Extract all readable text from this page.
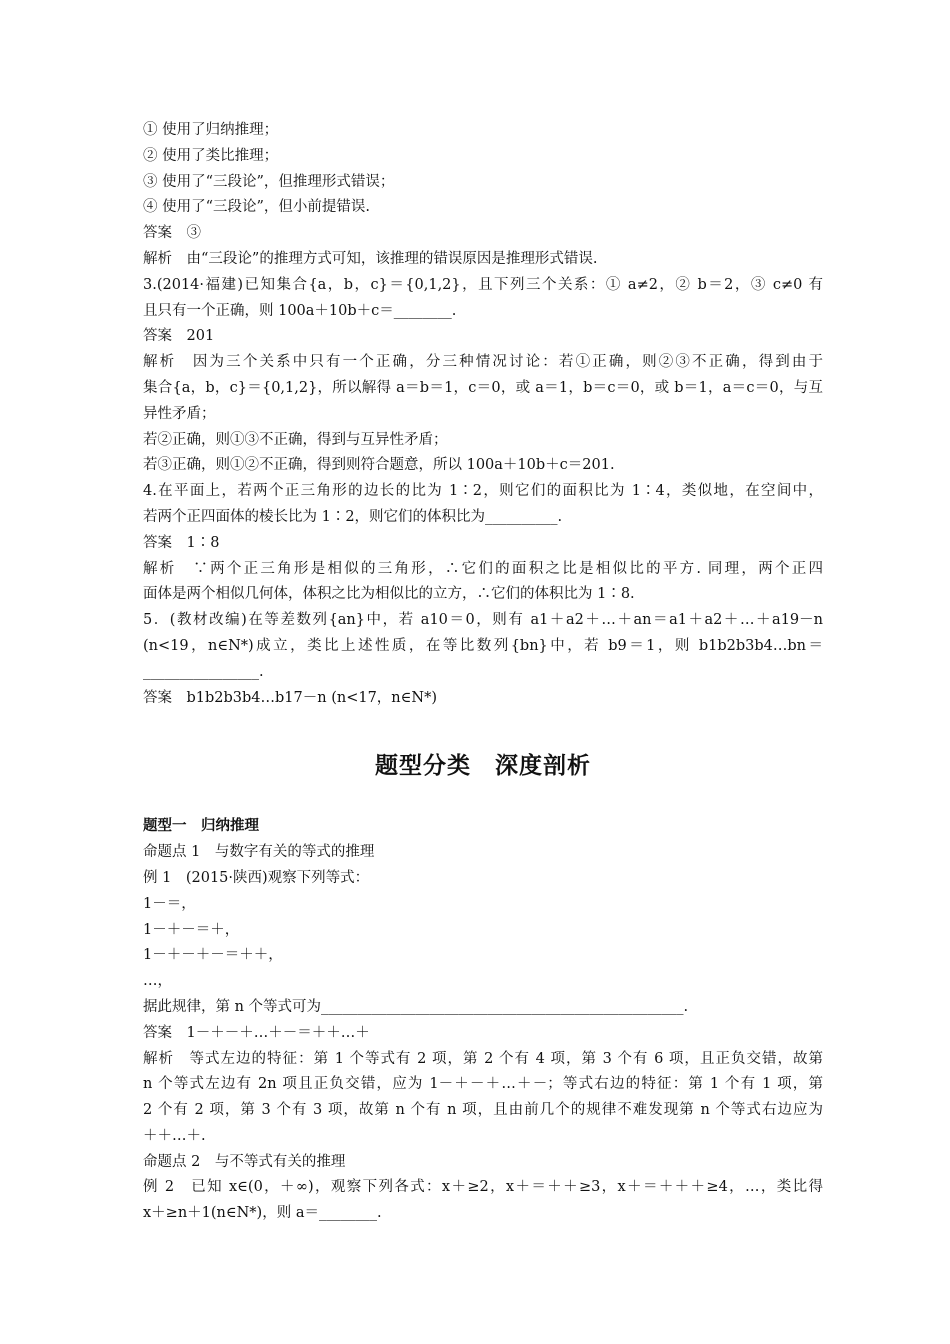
① 使用了归纳推理；
② 使用了类比推理；
③ 使用了“三段论”，但推理形式错误；
④ 使用了“三段论”，但小前提错误.
答案　③
解析　由“三段论”的推理方式可知，该推理的错误原因是推理形式错误.
3.(2014·福建)已知集合{a，b，c}＝{0,1,2}，且下列三个关系：① a≠2，② b＝2，③ c≠0 有
且只有一个正确，则 100a＋10b＋c＝________.
答案　201
解析　因为三个关系中只有一个正确，分三种情况讨论：若①正确，则②③不正确，得到由于
集合{a，b，c}＝{0,1,2}，所以解得 a＝b＝1，c＝0，或 a＝1，b＝c＝0，或 b＝1，a＝c＝0，与互
异性矛盾；
若②正确，则①③不正确，得到与互异性矛盾；
若③正确，则①②不正确，得到则符合题意，所以 100a＋10b＋c＝201.
4.在平面上，若两个正三角形的边长的比为 1∶2，则它们的面积比为 1∶4，类似地，在空间中，
若两个正四面体的棱长比为 1∶2，则它们的体积比为__________.
答案　1∶8
解析　∵两个正三角形是相似的三角形，∴它们的面积之比是相似比的平方. 同理，两个正四
面体是两个相似几何体，体积之比为相似比的立方，∴它们的体积比为 1∶8.
5．(教材改编)在等差数列{an}中，若 a10＝0，则有 a1＋a2＋…＋an＝a1＋a2＋…＋a19－n
(n<19，n∈N*)成立，类比上述性质，在等比数列{bn}中，若 b9＝1，则 b1b2b3b4…bn＝
________________.
答案　b1b2b3b4…b17－n (n<17，n∈N*)
题型分类　深度剖析
题型一　归纳推理
命题点 1　与数字有关的等式的推理
例 1　(2015·陕西)观察下列等式：
1－＝，
1－＋－＝＋，
1－＋－＋－＝＋＋，
…，
据此规律，第 n 个等式可为__________________________________________________.
答案　1－＋－＋…＋－＝＋＋…＋
解析　等式左边的特征：第 1 个等式有 2 项，第 2 个有 4 项，第 3 个有 6 项，且正负交错，故第
n 个等式左边有 2n 项且正负交错，应为 1－＋－＋…＋－；等式右边的特征：第 1 个有 1 项，第
2 个有 2 项，第 3 个有 3 项，故第 n 个有 n 项，且由前几个的规律不难发现第 n 个等式右边应为
＋＋…＋.
命题点 2　与不等式有关的推理
例 2　已知 x∈(0，＋∞)，观察下列各式：x＋≥2，x＋＝＋＋≥3，x＋＝＋＋＋≥4，…，类比得
x＋≥n＋1(n∈N*)，则 a＝________.
